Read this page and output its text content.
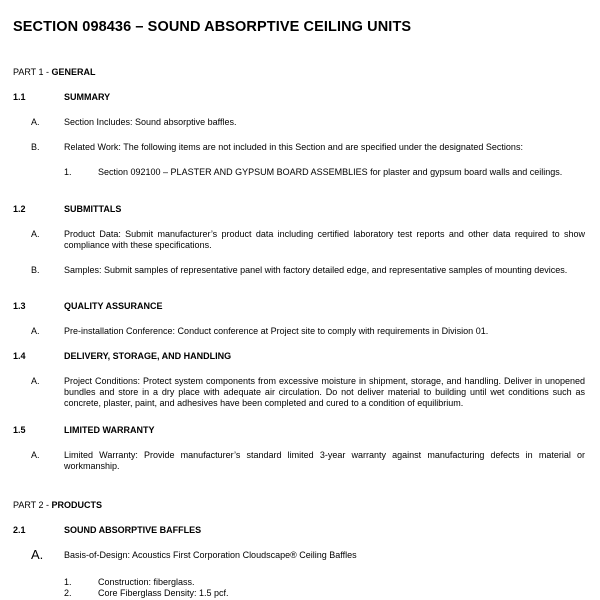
SECTION 098436 – SOUND ABSORPTIVE CEILING UNITS
PART 1 - GENERAL
1.1	SUMMARY
A.	Section Includes: Sound absorptive baffles.
B.	Related Work: The following items are not included in this Section and are specified under the designated Sections:
1.	Section 092100 – PLASTER AND GYPSUM BOARD ASSEMBLIES for plaster and gypsum board walls and ceilings.
1.2	SUBMITTALS
A.	Product Data: Submit manufacturer’s product data including certified laboratory test reports and other data required to show compliance with these specifications.
B.	Samples: Submit samples of representative panel with factory detailed edge, and representative samples of mounting devices.
1.3	QUALITY ASSURANCE
A.	Pre-installation Conference: Conduct conference at Project site to comply with requirements in Division 01.
1.4	DELIVERY, STORAGE, AND HANDLING
A.	Project Conditions: Protect system components from excessive moisture in shipment, storage, and handling. Deliver in unopened bundles and store in a dry place with adequate air circulation. Do not deliver material to building until wet conditions such as concrete, plaster, paint, and adhesives have been completed and cured to a condition of equilibrium.
1.5	LIMITED WARRANTY
A.	Limited Warranty: Provide manufacturer’s standard limited 3-year warranty against manufacturing defects in material or workmanship.
PART 2 - PRODUCTS
2.1	SOUND ABSORPTIVE BAFFLES
A. Basis-of-Design: Acoustics First Corporation Cloudscape® Ceiling Baffles
1.	Construction: fiberglass.
2.	Core Fiberglass Density: 1.5 pcf.
